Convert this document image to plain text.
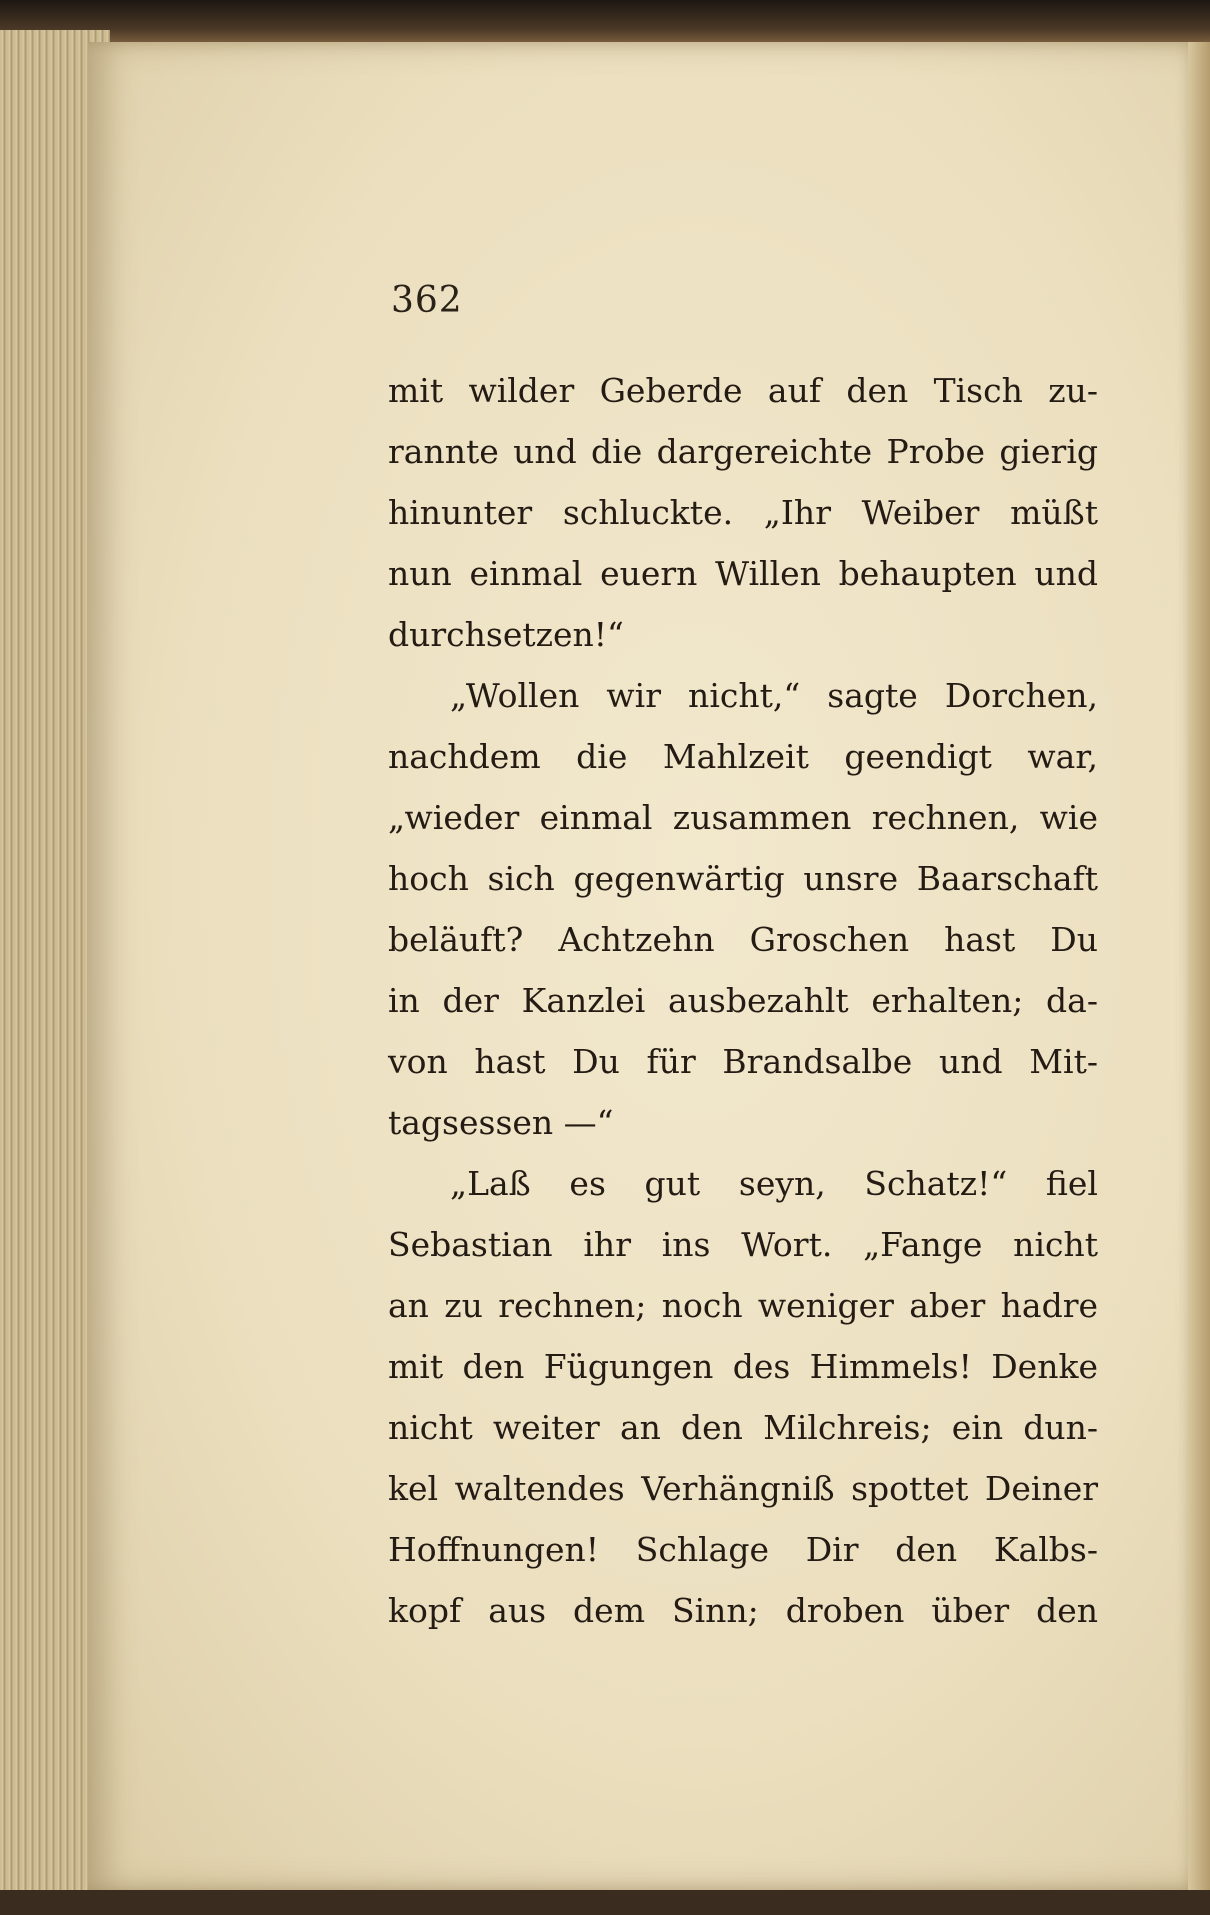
362
mit wilder Geberde auf den Tisch zu-
rannte und die dargereichte Probe gierig
hinunter schluckte. „Ihr Weiber müßt
nun einmal euern Willen behaupten und
durchsetzen!“
„Wollen wir nicht,“ sagte Dorchen,
nachdem die Mahlzeit geendigt war,
„wieder einmal zusammen rechnen, wie
hoch sich gegenwärtig unsre Baarschaft
beläuft? Achtzehn Groschen hast Du
in der Kanzlei ausbezahlt erhalten; da-
von hast Du für Brandsalbe und Mit-
tagsessen —“
„Laß es gut seyn, Schatz!“ fiel
Sebastian ihr ins Wort. „Fange nicht
an zu rechnen; noch weniger aber hadre
mit den Fügungen des Himmels! Denke
nicht weiter an den Milchreis; ein dun-
kel waltendes Verhängniß spottet Deiner
Hoffnungen! Schlage Dir den Kalbs-
kopf aus dem Sinn; droben über den
